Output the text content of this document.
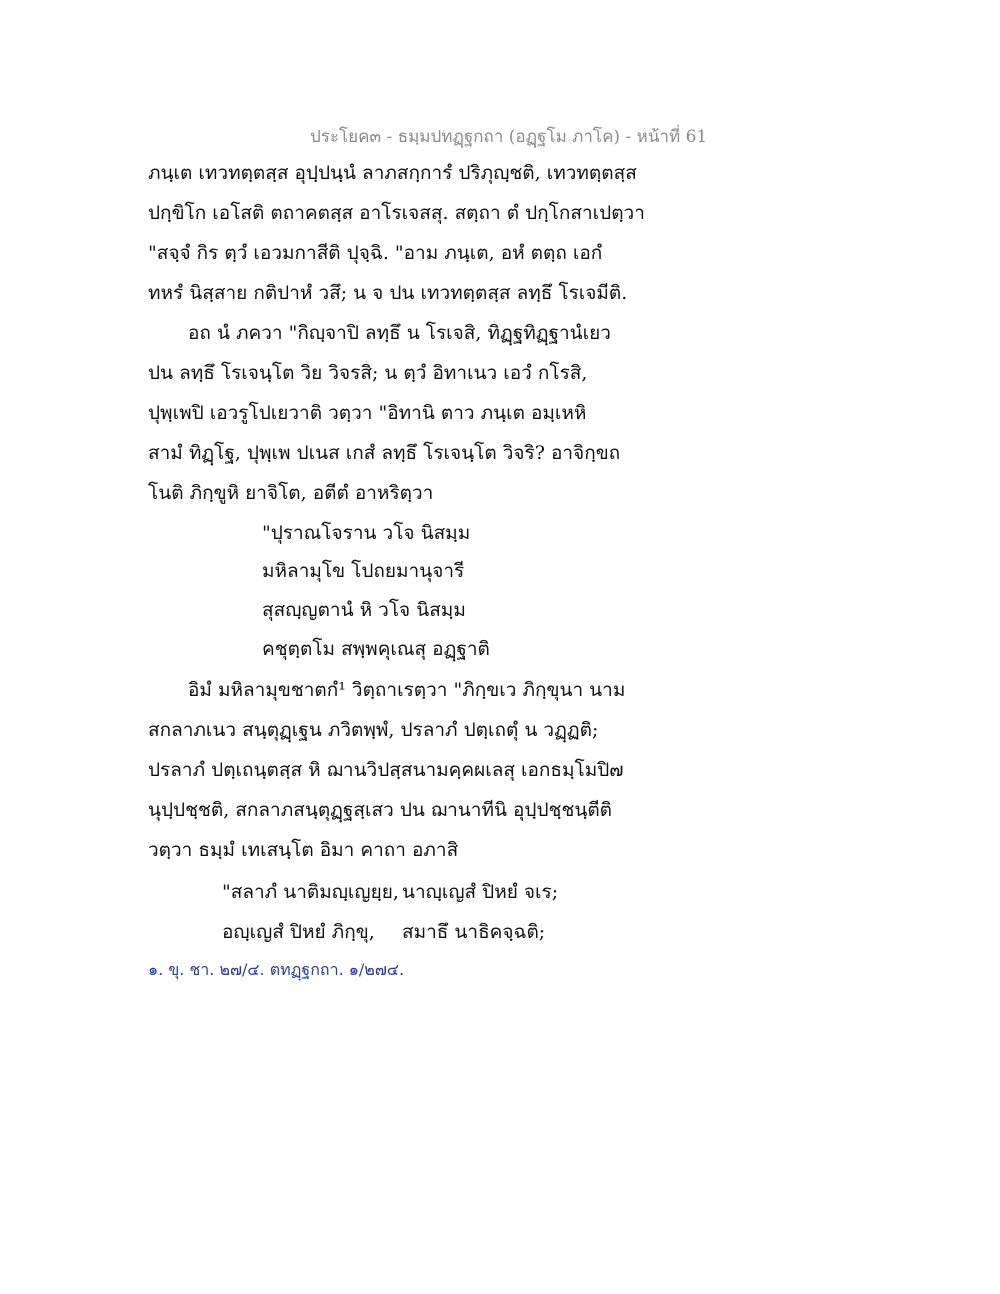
ประโยค๓ - ธมฺมปทฏฺฐกถา (อฏฺฐโม ภาโค) - หน้าที่ 61
ภนฺเต เทวทตฺตสฺส อุปฺปนฺนํ ลาภสกฺการํ ปริภุญฺชติ, เทวทตฺตสฺส
ปกฺขิโก เอโสติ ตถาคตสฺส อาโรเจสสุ. สตฺถา ตํ ปกฺโกสาเปตฺวา
"สจฺจํ กิร ตฺวํ เอวมกาสีติ ปุจฺฉิ. "อาม ภนฺเต, อหํ ตตฺถ เอกํ
ทหรํ นิสฺสาย กติปาหํ วสึ; น จ ปน เทวทตฺตสฺส ลทฺธึ โรเจมีติ.
อถ นํ ภควา "กิญฺจาปิ ลทฺธึ น โรเจสิ, ทิฏฺฐทิฏฺฐานํเยว
ปน ลทฺธึ โรเจนฺโต วิย วิจรสิ; น ตฺวํ อิทาเนว เอวํ กโรสิ,
ปุพฺเพปิ เอวรูโปเยวาติ วตฺวา "อิทานิ ตาว ภนฺเต อมฺเหหิ
สามํ ทิฏฺโฐ, ปุพฺเพ ปเนส เกสํ ลทฺธึ โรเจนฺโต วิจริ? อาจิกฺขถ
โนติ ภิกฺขูหิ ยาจิโต, อตีตํ อาหริตฺวา
"ปุราณโจราน วโจ นิสมฺม
มหิลามุโข โปถยมานุจารี
สุสญฺญตานํ หิ วโจ นิสมฺม
คชุตฺตโม สพฺพคุเณสุ อฏฺฐาติ
อิมํ มหิลามุขชาตกํ¹ วิตฺถาเรตฺวา "ภิกฺขเว ภิกฺขุนา นาม
สกลาภเนว สนฺตุฏฺเฐน ภวิตพฺพํ, ปรลาภํ ปตฺเถตุํ น วฏฺฏติ;
ปรลาภํ ปตฺเถนฺตสฺส หิ ฌานวิปสฺสนามคฺคผเลสุ เอกธมฺโมปิ๗
นุปฺปชฺชติ, สกลาภสนฺตุฏฺฐสฺเสว ปน ฌานาทีนิ อุปฺปชฺชนฺตีติ
วตฺวา ธมฺมํ เทเสนฺโต อิมา คาถา อภาสิ
"สลาภํ นาติมญฺเญยฺย, นาญฺเญสํ ปิหยํ จเร;
อญฺเญสํ ปิหยํ ภิกฺขุ, สมาธึ นาธิคจฺฉติ;
๑. ขุ. ชา. ๒๗/๔. ตทฏฺฐกถา. ๑/๒๗๔.
